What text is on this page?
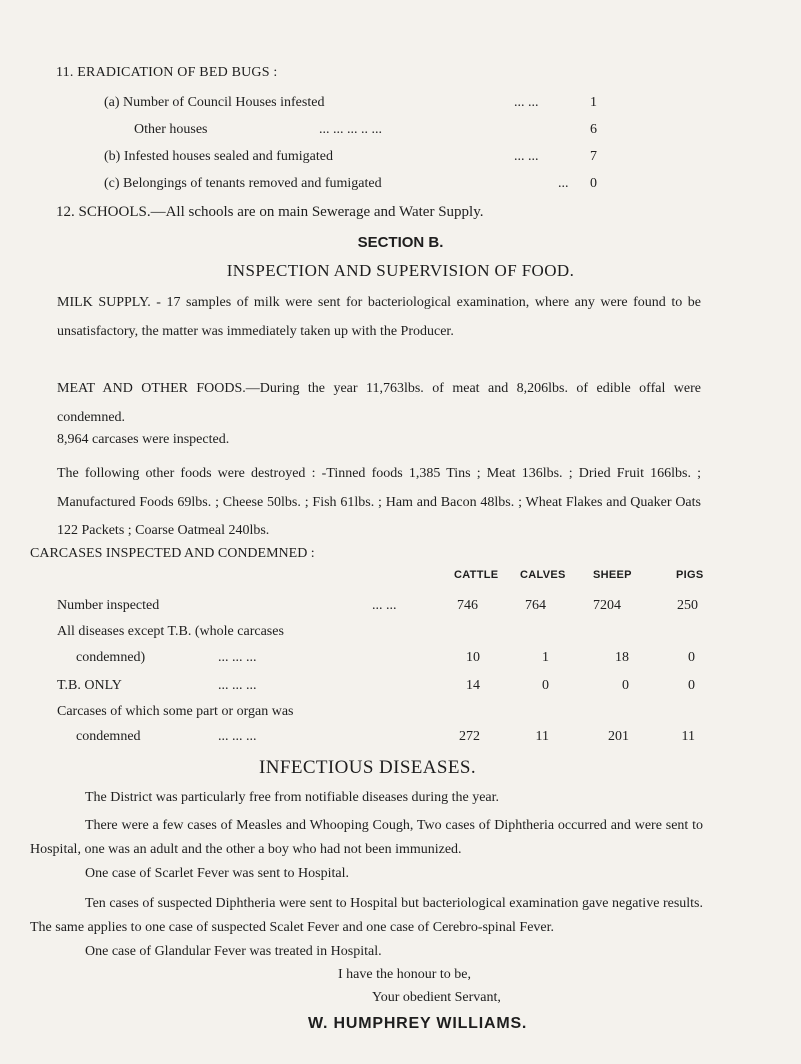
11. ERADICATION OF BED BUGS :
(a) Number of Council Houses infested	... ...	1
Other houses	... ... ... .. ...	6
(b) Infested houses sealed and fumigated	... ...	7
(c) Belongings of tenants removed and fumigated	... 0
12. SCHOOLS.—All schools are on main Sewerage and Water Supply.
SECTION B.
INSPECTION AND SUPERVISION OF FOOD.
MILK SUPPLY. - 17 samples of milk were sent for bacteriological examination, where any were found to be unsatisfactory, the matter was immediately taken up with the Producer.
MEAT AND OTHER FOODS.—During the year 11,763lbs. of meat and 8,206lbs. of edible offal were condemned.
8,964 carcases were inspected.
The following other foods were destroyed : -Tinned foods 1,385 Tins ; Meat 136lbs. ; Dried Fruit 166lbs. ; Manufactured Foods 69lbs. ; Cheese 50lbs. ; Fish 61lbs. ; Ham and Bacon 48lbs. ; Wheat Flakes and Quaker Oats 122 Packets ; Coarse Oatmeal 240lbs.
CARCASES INSPECTED AND CONDEMNED :
CATTLE CALVES SHEEP	PIGS
Number inspected	... ...	746	764	7204	250
All diseases except T.B. (whole carcases
condemned)	... ... ...	10	1	18	0
T.B. ONLY	... ... ...	14	0	0	0
Carcases of which some part or organ was
condemned	... ... ...	272	11	201	11
INFECTIOUS DISEASES.
The District was particularly free from notifiable diseases during the year.
There were a few cases of Measles and Whooping Cough, Two cases of Diphtheria occurred and were sent to Hospital, one was an adult and the other a boy who had not been immunized.
One case of Scarlet Fever was sent to Hospital.
Ten cases of suspected Diphtheria were sent to Hospital but bacteriological examination gave negative results. The same applies to one case of suspected Scalet Fever and one case of Cerebro-spinal Fever.
One case of Glandular Fever was treated in Hospital.
I have the honour to be,
Your obedient Servant,
W. HUMPHREY WILLIAMS.
